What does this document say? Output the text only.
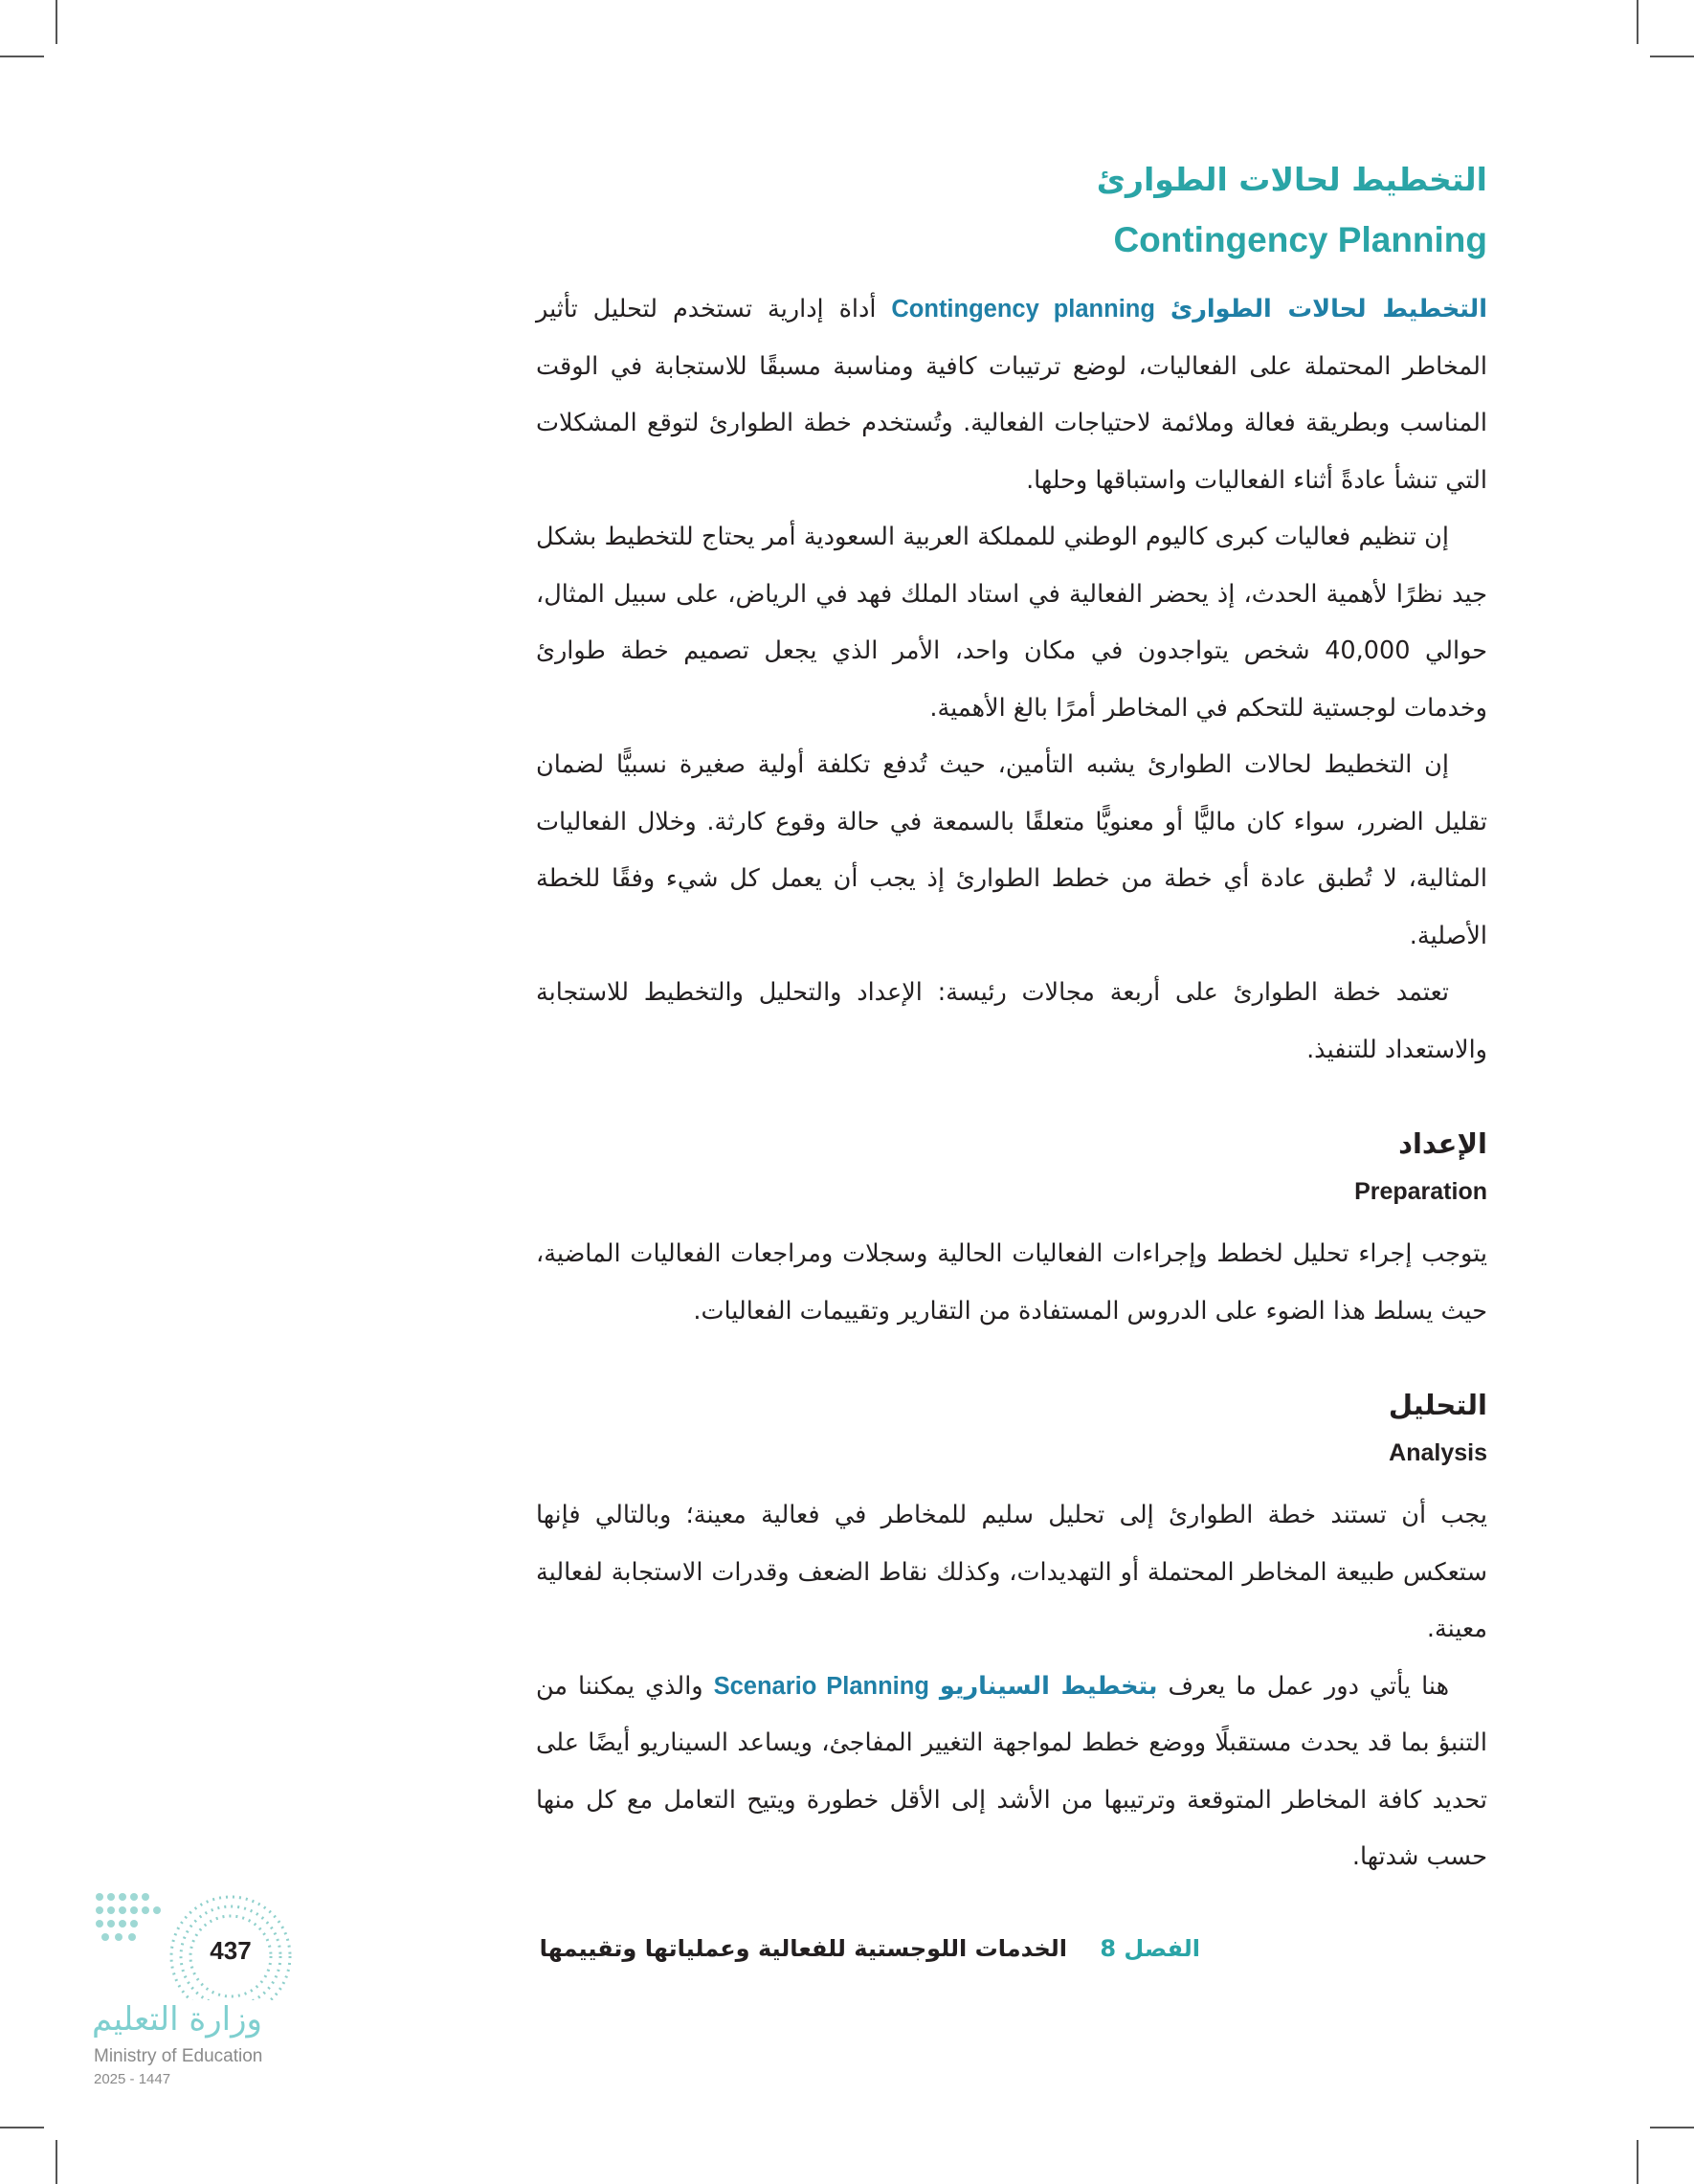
التخطيط لحالات الطوارئ
Contingency Planning

التخطيط لحالات الطوارئ Contingency planning أداة إدارية تستخدم لتحليل تأثير المخاطر المحتملة على الفعاليات، لوضع ترتيبات كافية ومناسبة مسبقًا للاستجابة في الوقت المناسب وبطريقة فعالة وملائمة لاحتياجات الفعالية. وتُستخدم خطة الطوارئ لتوقع المشكلات التي تنشأ عادةً أثناء الفعاليات واستباقها وحلها.

إن تنظيم فعاليات كبرى كاليوم الوطني للمملكة العربية السعودية أمر يحتاج للتخطيط بشكل جيد نظرًا لأهمية الحدث، إذ يحضر الفعالية في استاد الملك فهد في الرياض، على سبيل المثال، حوالي 40,000 شخص يتواجدون في مكان واحد، الأمر الذي يجعل تصميم خطة طوارئ وخدمات لوجستية للتحكم في المخاطر أمرًا بالغ الأهمية.

إن التخطيط لحالات الطوارئ يشبه التأمين، حيث تُدفع تكلفة أولية صغيرة نسبيًّا لضمان تقليل الضرر، سواء كان ماليًّا أو معنويًّا متعلقًا بالسمعة في حالة وقوع كارثة. وخلال الفعاليات المثالية، لا تُطبق عادة أي خطة من خطط الطوارئ إذ يجب أن يعمل كل شيء وفقًا للخطة الأصلية.

تعتمد خطة الطوارئ على أربعة مجالات رئيسة: الإعداد والتحليل والتخطيط للاستجابة والاستعداد للتنفيذ.

الإعداد
Preparation

يتوجب إجراء تحليل لخطط وإجراءات الفعاليات الحالية وسجلات ومراجعات الفعاليات الماضية، حيث يسلط هذا الضوء على الدروس المستفادة من التقارير وتقييمات الفعاليات.

التحليل
Analysis

يجب أن تستند خطة الطوارئ إلى تحليل سليم للمخاطر في فعالية معينة؛ وبالتالي فإنها ستعكس طبيعة المخاطر المحتملة أو التهديدات، وكذلك نقاط الضعف وقدرات الاستجابة لفعالية معينة.

هنا يأتي دور عمل ما يعرف بتخطيط السيناريو Scenario Planning والذي يمكننا من التنبؤ بما قد يحدث مستقبلًا ووضع خطط لمواجهة التغيير المفاجئ، ويساعد السيناريو أيضًا على تحديد كافة المخاطر المتوقعة وترتيبها من الأشد إلى الأقل خطورة ويتيح التعامل مع كل منها حسب شدتها.

الفصل 8 الخدمات اللوجستية للفعالية وعملياتها وتقييمها
437
وزارة التعليم
Ministry of Education
2025 - 1447
